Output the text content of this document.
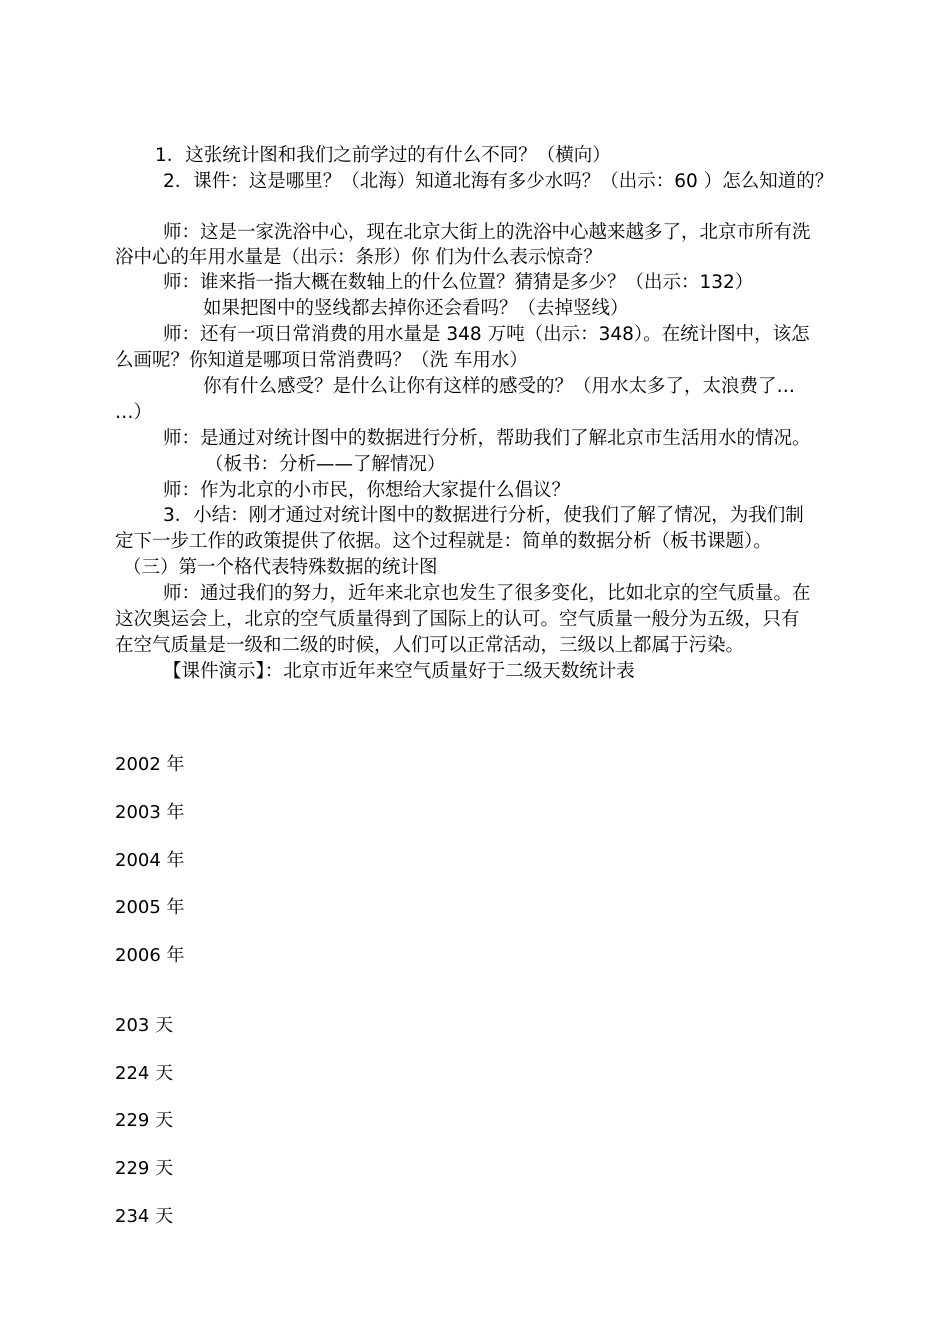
1．这张统计图和我们之前学过的有什么不同？（横向）
2．课件：这是哪里？（北海）知道北海有多少水吗？（出示：60 ）怎么知道的？
师：这是一家洗浴中心，现在北京大街上的洗浴中心越来越多了，北京市所有洗
浴中心的年用水量是（出示：条形）你 们为什么表示惊奇？
师：谁来指一指大概在数轴上的什么位置？猜猜是多少？（出示：132）
如果把图中的竖线都去掉你还会看吗？（去掉竖线）
师：还有一项日常消费的用水量是 348 万吨（出示：348）。在统计图中，该怎
么画呢？你知道是哪项日常消费吗？（洗 车用水）
你有什么感受？是什么让你有这样的感受的？（用水太多了，太浪费了…
…）
师：是通过对统计图中的数据进行分析，帮助我们了解北京市生活用水的情况。
（板书：分析——了解情况）
师：作为北京的小市民，你想给大家提什么倡议？
3．小结：刚才通过对统计图中的数据进行分析，使我们了解了情况，为我们制
定下一步工作的政策提供了依据。这个过程就是：简单的数据分析（板书课题）。
（三）第一个格代表特殊数据的统计图
师：通过我们的努力，近年来北京也发生了很多变化，比如北京的空气质量。在
这次奥运会上，北京的空气质量得到了国际上的认可。空气质量一般分为五级，只有
在空气质量是一级和二级的时候，人们可以正常活动，三级以上都属于污染。
【课件演示】：北京市近年来空气质量好于二级天数统计表
2002 年
2003 年
2004 年
2005 年
2006 年
203 天
224 天
229 天
229 天
234 天
